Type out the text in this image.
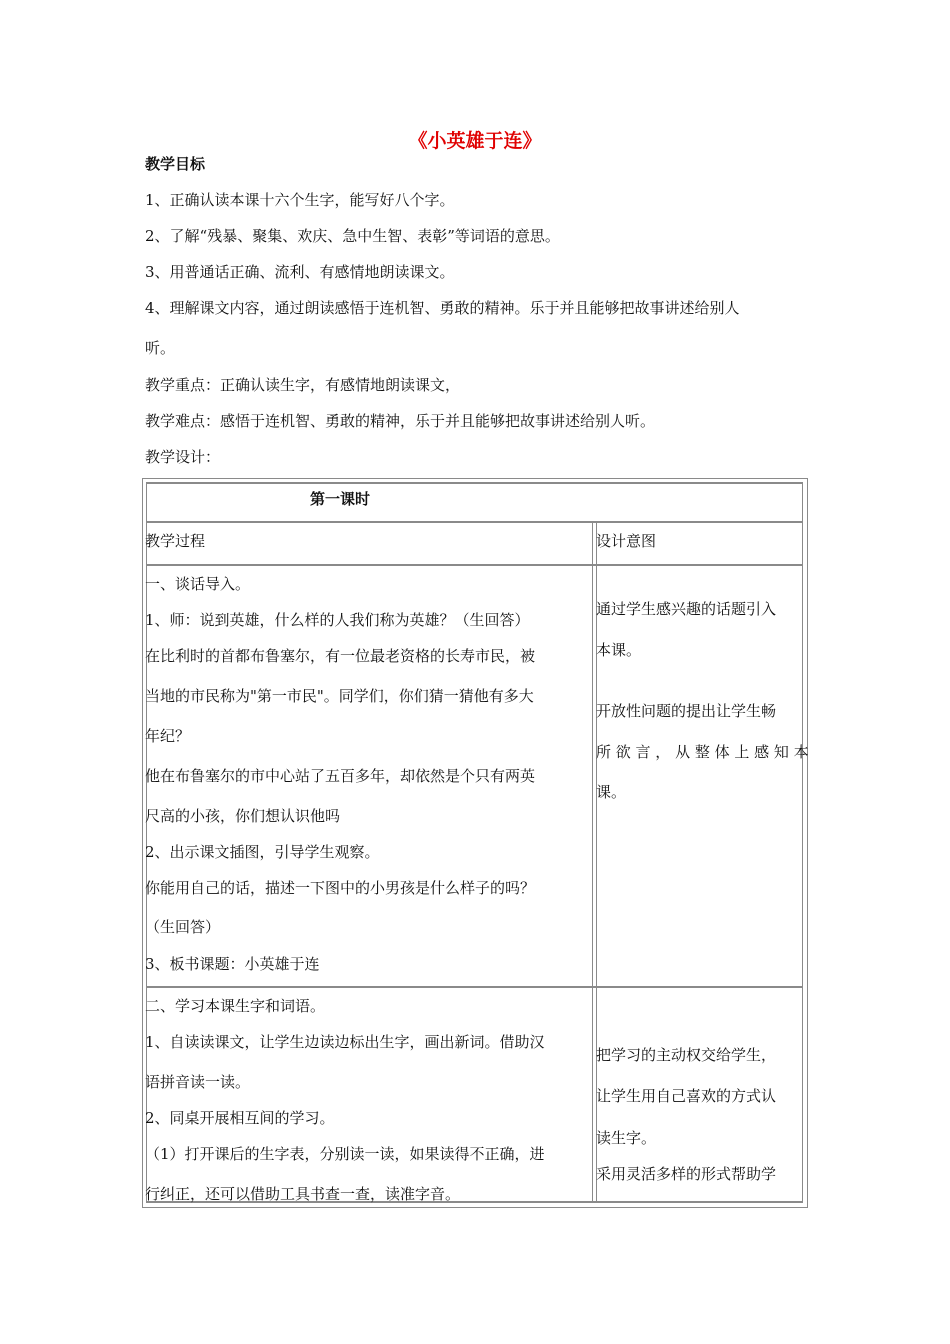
《小英雄于连》
教学目标
1、正确认读本课十六个生字，能写好八个字。
2、了解“残暴、聚集、欢庆、急中生智、表彰”等词语的意思。
3、用普通话正确、流利、有感情地朗读课文。
4、理解课文内容，通过朗读感悟于连机智、勇敢的精神。乐于并且能够把故事讲述给别人
听。
教学重点：正确认读生字，有感情地朗读课文，
教学难点：感悟于连机智、勇敢的精神，乐于并且能够把故事讲述给别人听。
教学设计：
第一课时
教学过程	设计意图
一、谈话导入。
1、师：说到英雄，什么样的人我们称为英雄？（生回答）
在比利时的首都布鲁塞尔，有一位最老资格的长寿市民，被
当地的市民称为"第一市民"。同学们，你们猜一猜他有多大
年纪？
他在布鲁塞尔的市中心站了五百多年，却依然是个只有两英
尺高的小孩，你们想认识他吗
2、出示课文插图，引导学生观察。
你能用自己的话，描述一下图中的小男孩是什么样子的吗？
（生回答）
3、板书课题：小英雄于连
通过学生感兴趣的话题引入
本课。
开放性问题的提出让学生畅
所 欲 言 ， 从 整 体 上 感 知 本
课。
二、学习本课生字和词语。
1、自读读课文，让学生边读边标出生字，画出新词。借助汉
语拼音读一读。
2、同桌开展相互间的学习。
（1）打开课后的生字表，分别读一读，如果读得不正确，进
行纠正，还可以借助工具书查一查，读准字音。
把学习的主动权交给学生，
让学生用自己喜欢的方式认
读生字。
采用灵活多样的形式帮助学
